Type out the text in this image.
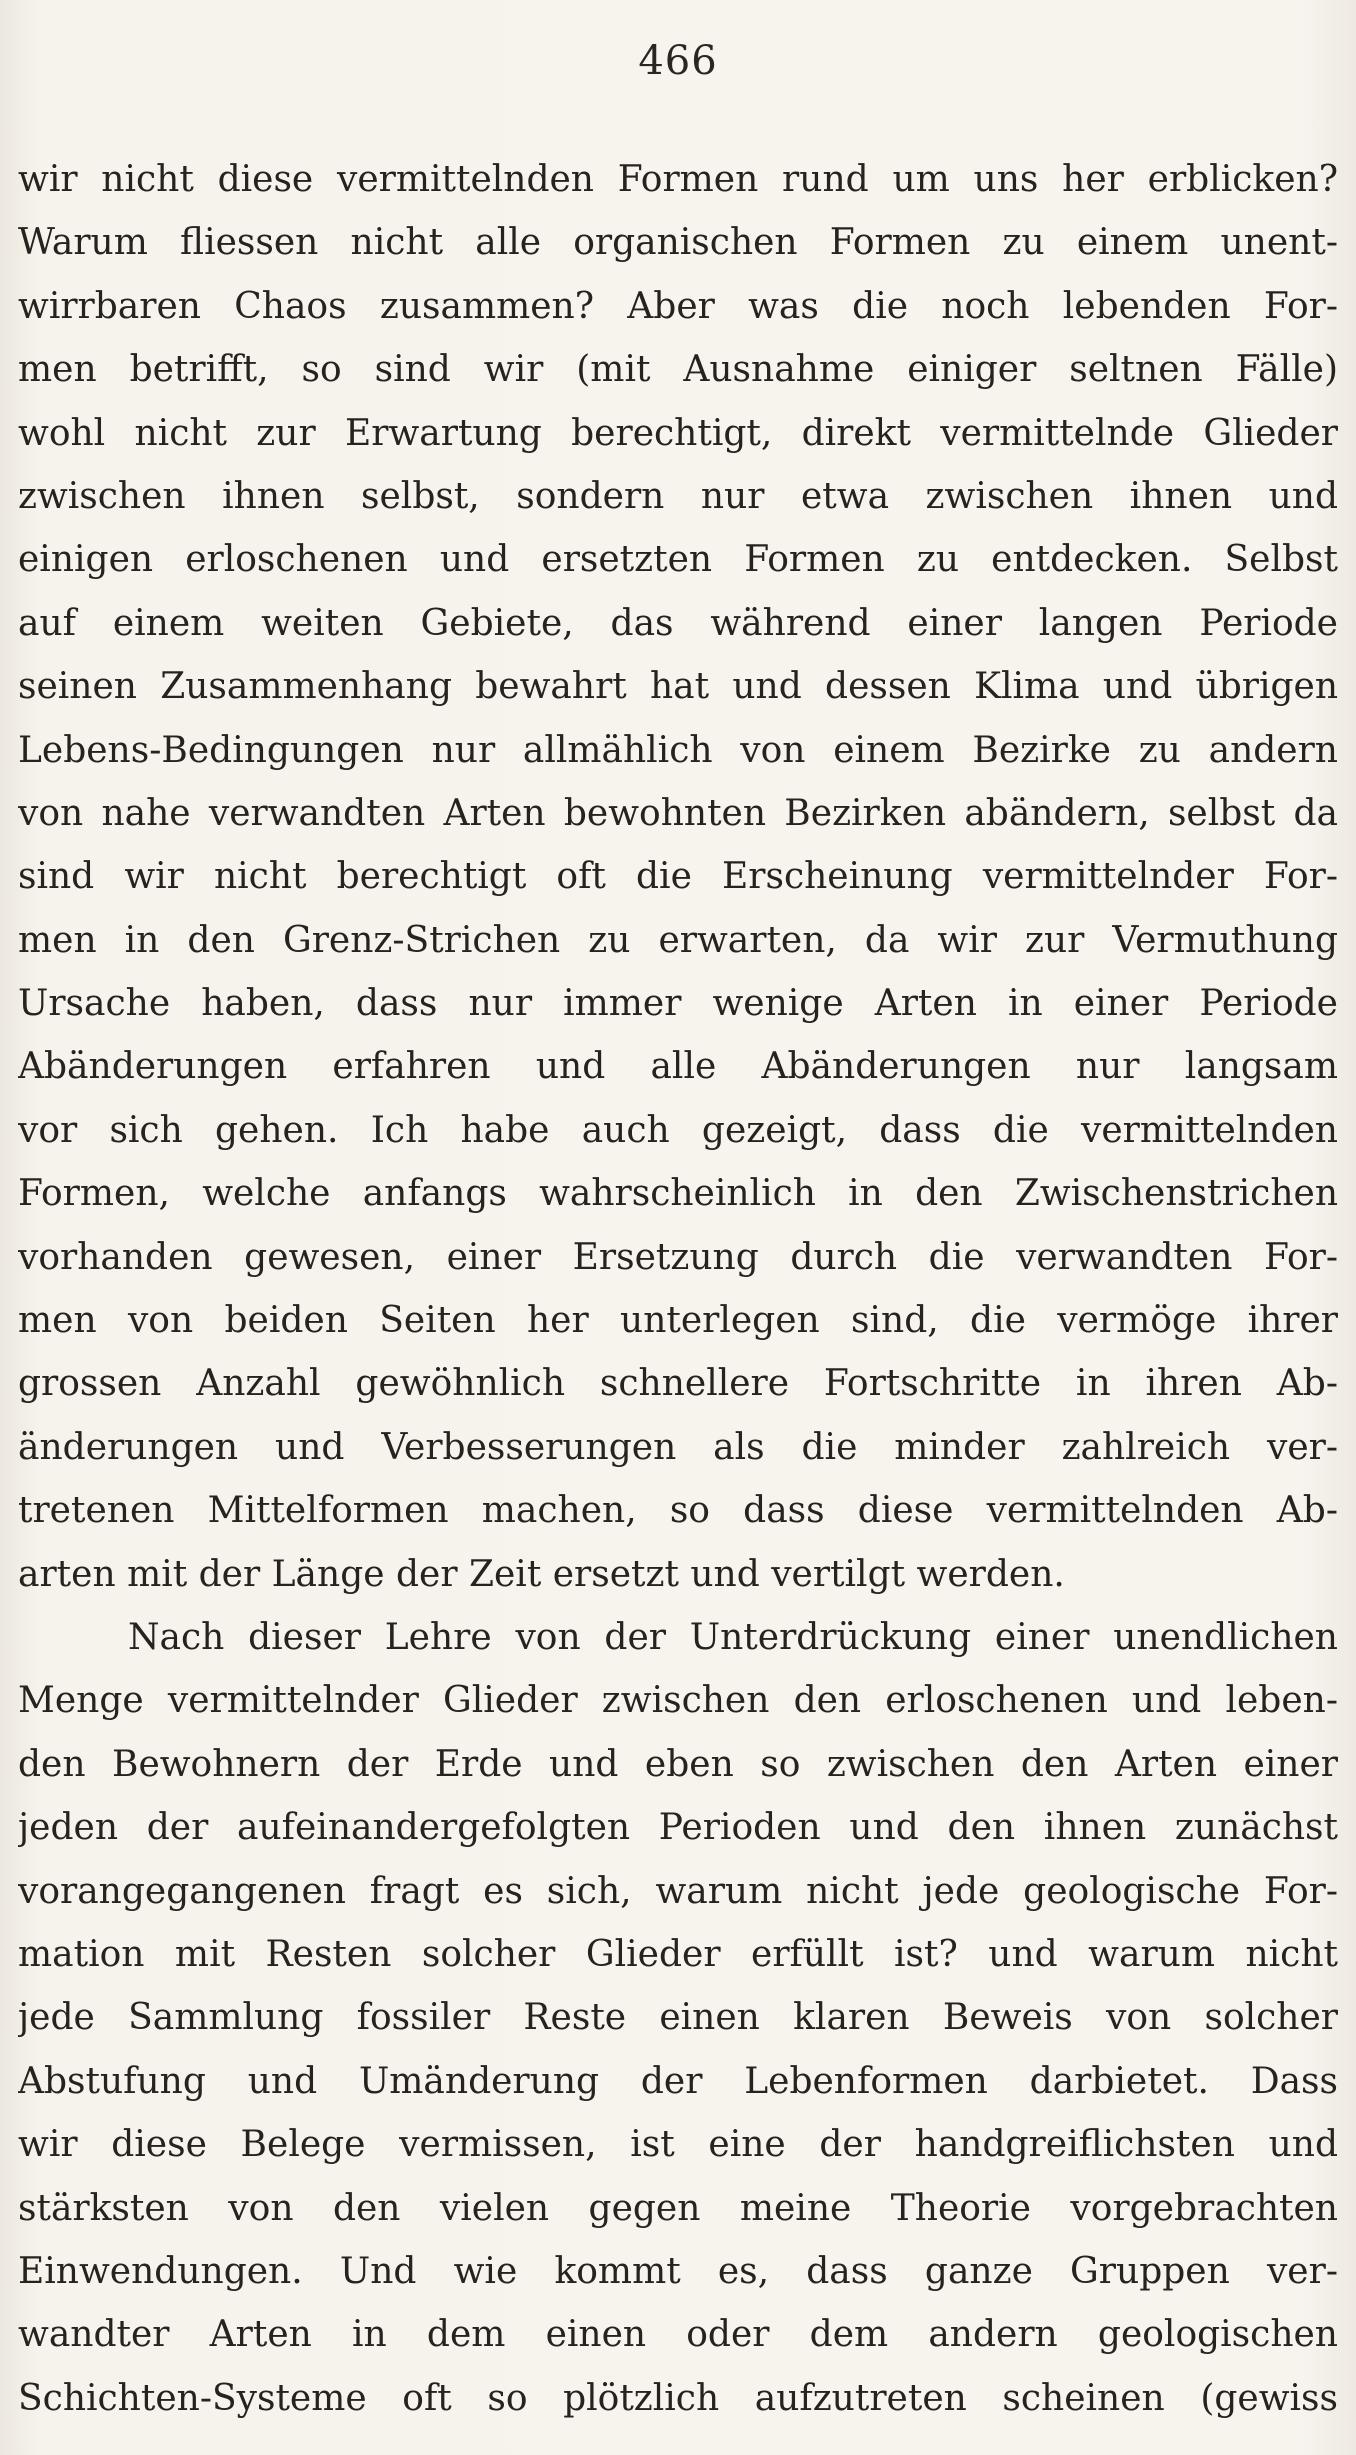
466
wir nicht diese vermittelnden Formen rund um uns her erblicken?
Warum fliessen nicht alle organischen Formen zu einem unent-
wirrbaren Chaos zusammen? Aber was die noch lebenden For-
men betrifft, so sind wir (mit Ausnahme einiger seltnen Fälle)
wohl nicht zur Erwartung berechtigt, direkt vermittelnde Glieder
zwischen ihnen selbst, sondern nur etwa zwischen ihnen und
einigen erloschenen und ersetzten Formen zu entdecken. Selbst
auf einem weiten Gebiete, das während einer langen Periode
seinen Zusammenhang bewahrt hat und dessen Klima und übrigen
Lebens-Bedingungen nur allmählich von einem Bezirke zu andern
von nahe verwandten Arten bewohnten Bezirken abändern, selbst da
sind wir nicht berechtigt oft die Erscheinung vermittelnder For-
men in den Grenz-Strichen zu erwarten, da wir zur Vermuthung
Ursache haben, dass nur immer wenige Arten in einer Periode
Abänderungen erfahren und alle Abänderungen nur langsam
vor sich gehen. Ich habe auch gezeigt, dass die vermittelnden
Formen, welche anfangs wahrscheinlich in den Zwischenstrichen
vorhanden gewesen, einer Ersetzung durch die verwandten For-
men von beiden Seiten her unterlegen sind, die vermöge ihrer
grossen Anzahl gewöhnlich schnellere Fortschritte in ihren Ab-
änderungen und Verbesserungen als die minder zahlreich ver-
tretenen Mittelformen machen, so dass diese vermittelnden Ab-
arten mit der Länge der Zeit ersetzt und vertilgt werden.
Nach dieser Lehre von der Unterdrückung einer unendlichen
Menge vermittelnder Glieder zwischen den erloschenen und leben-
den Bewohnern der Erde und eben so zwischen den Arten einer
jeden der aufeinandergefolgten Perioden und den ihnen zunächst
vorangegangenen fragt es sich, warum nicht jede geologische For-
mation mit Resten solcher Glieder erfüllt ist? und warum nicht
jede Sammlung fossiler Reste einen klaren Beweis von solcher
Abstufung und Umänderung der Lebenformen darbietet. Dass
wir diese Belege vermissen, ist eine der handgreiflichsten und
stärksten von den vielen gegen meine Theorie vorgebrachten
Einwendungen. Und wie kommt es, dass ganze Gruppen ver-
wandter Arten in dem einen oder dem andern geologischen
Schichten-Systeme oft so plötzlich aufzutreten scheinen (gewiss
